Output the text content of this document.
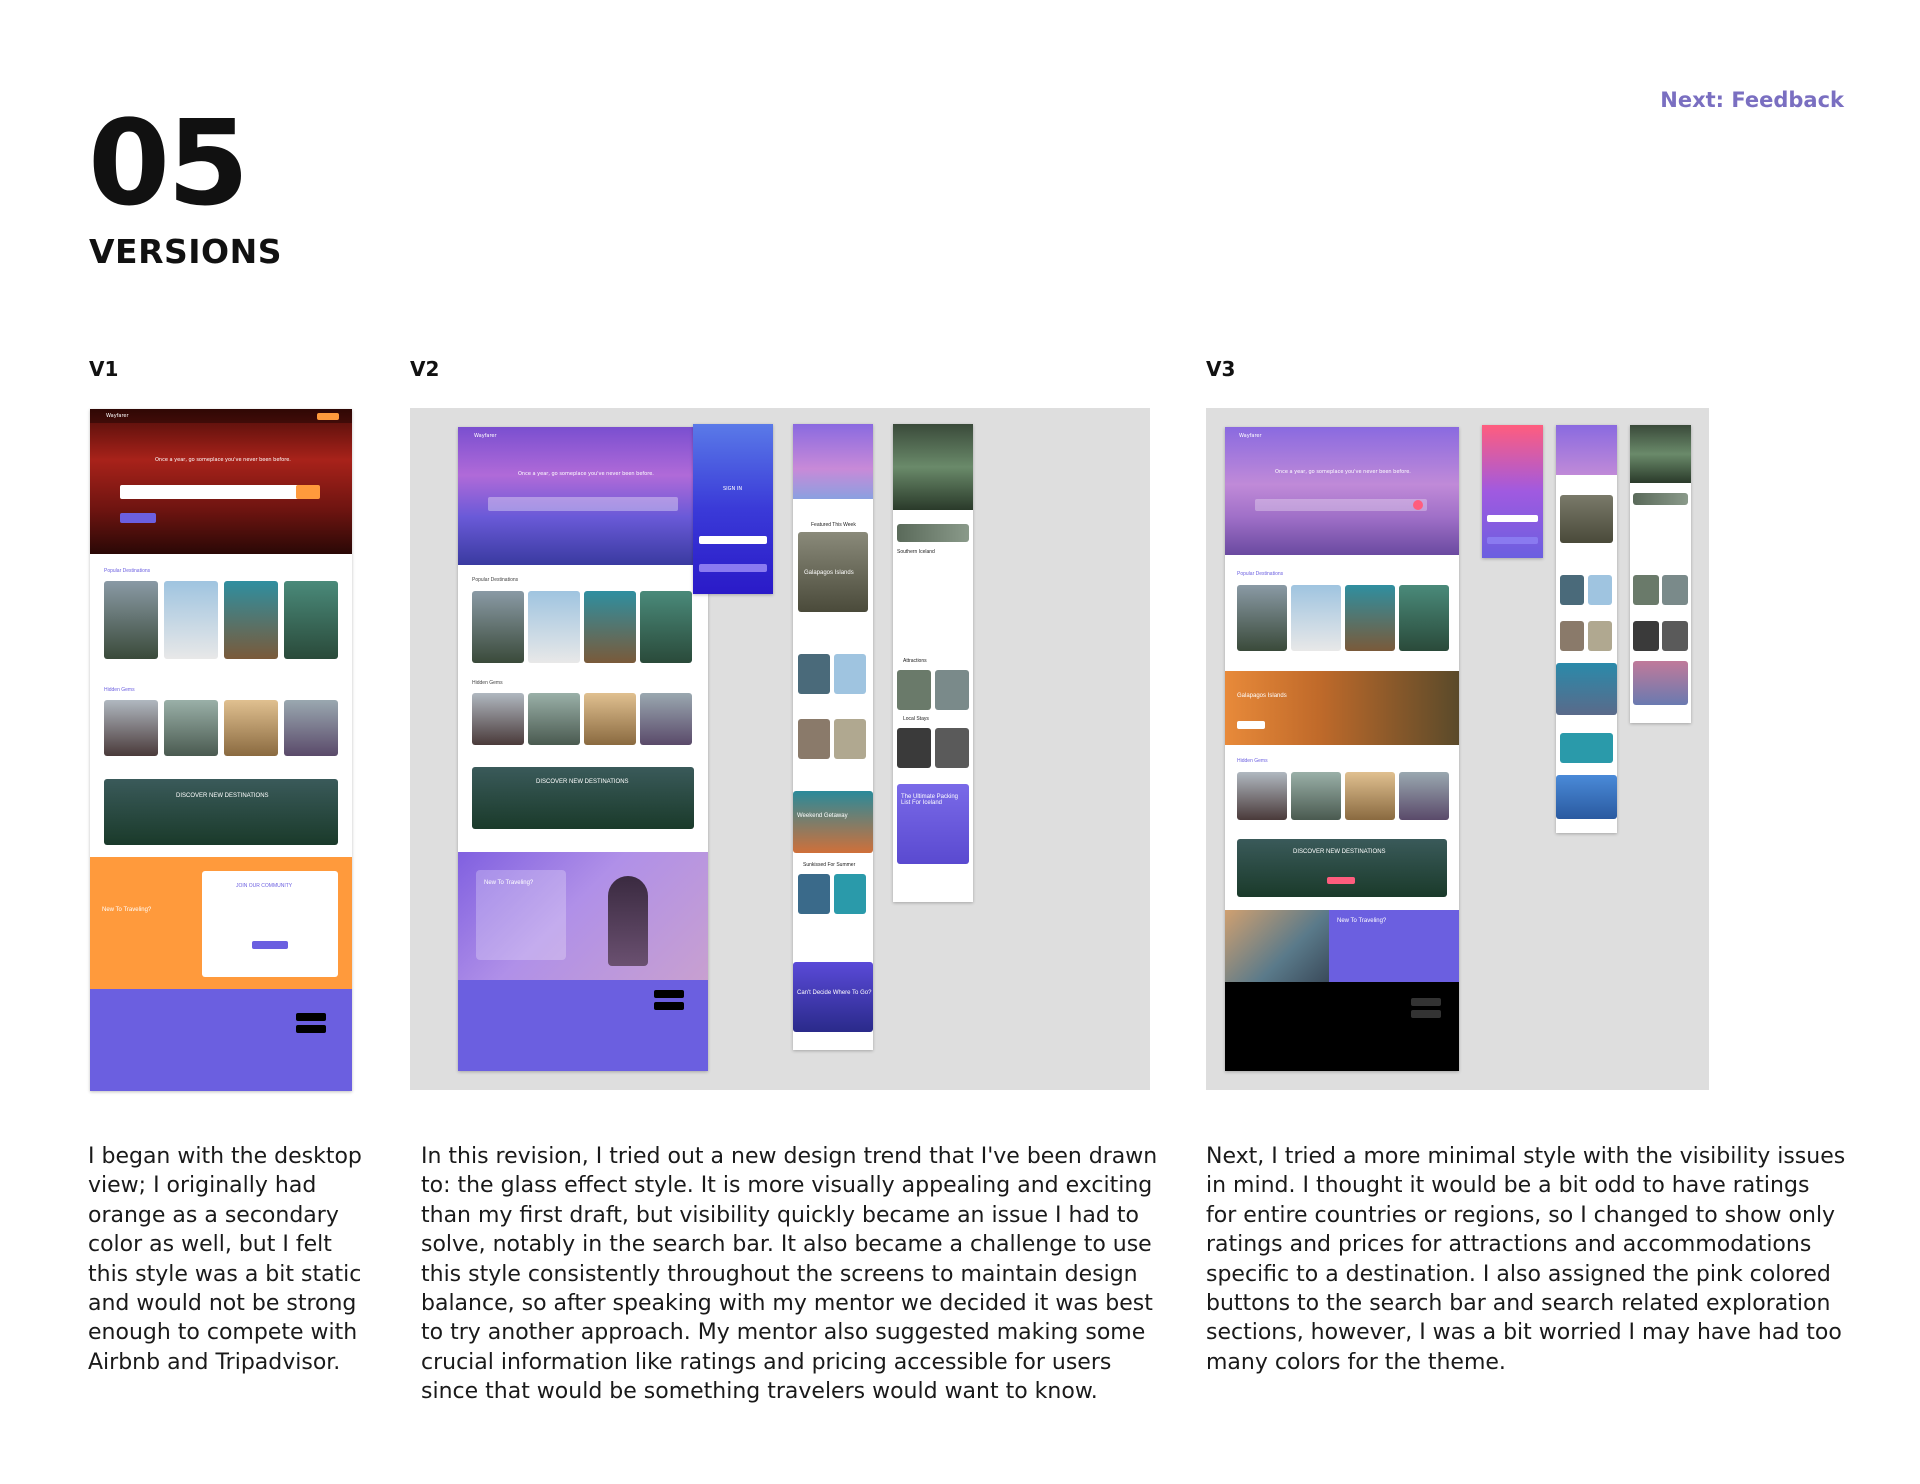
05
VERSIONS
Next: Feedback
V1	V2	V3
Wayfarer
Once a year, go someplace you've never been before.
Popular Destinations
Hidden Gems
DISCOVER NEW DESTINATIONS
New To Traveling?
JOIN OUR COMMUNITY
Wayfarer
Once a year, go someplace you've never been before.
Popular Destinations
Hidden Gems
DISCOVER NEW DESTINATIONS
New To Traveling?
SIGN IN
Featured This Week
Galapagos Islands
Weekend Getaway
Sunkissed For Summer
Can't Decide Where To Go?
Southern Iceland
Attractions
Local Stays
The Ultimate Packing List For Iceland
Wayfarer
Once a year, go someplace you've never been before.
Popular Destinations
Galapagos Islands
Hidden Gems
DISCOVER NEW DESTINATIONS
New To Traveling?
I began with the desktop view; I originally had orange as a secondary color as well, but I felt this style was a bit static and would not be strong enough to compete with Airbnb and Tripadvisor.
In this revision, I tried out a new design trend that I've been drawn to: the glass effect style. It is more visually appealing and exciting than my first draft, but visibility quickly became an issue I had to solve, notably in the search bar. It also became a challenge to use this style consistently throughout the screens to maintain design balance, so after speaking with my mentor we decided it was best to try another approach. My mentor also suggested making some crucial information like ratings and pricing accessible for users since that would be something travelers would want to know.
Next, I tried a more minimal style with the visibility issues in mind. I thought it would be a bit odd to have ratings for entire countries or regions, so I changed to show only ratings and prices for attractions and accommodations specific to a destination. I also assigned the pink colored buttons to the search bar and search related exploration sections, however, I was a bit worried I may have had too many colors for the theme.
